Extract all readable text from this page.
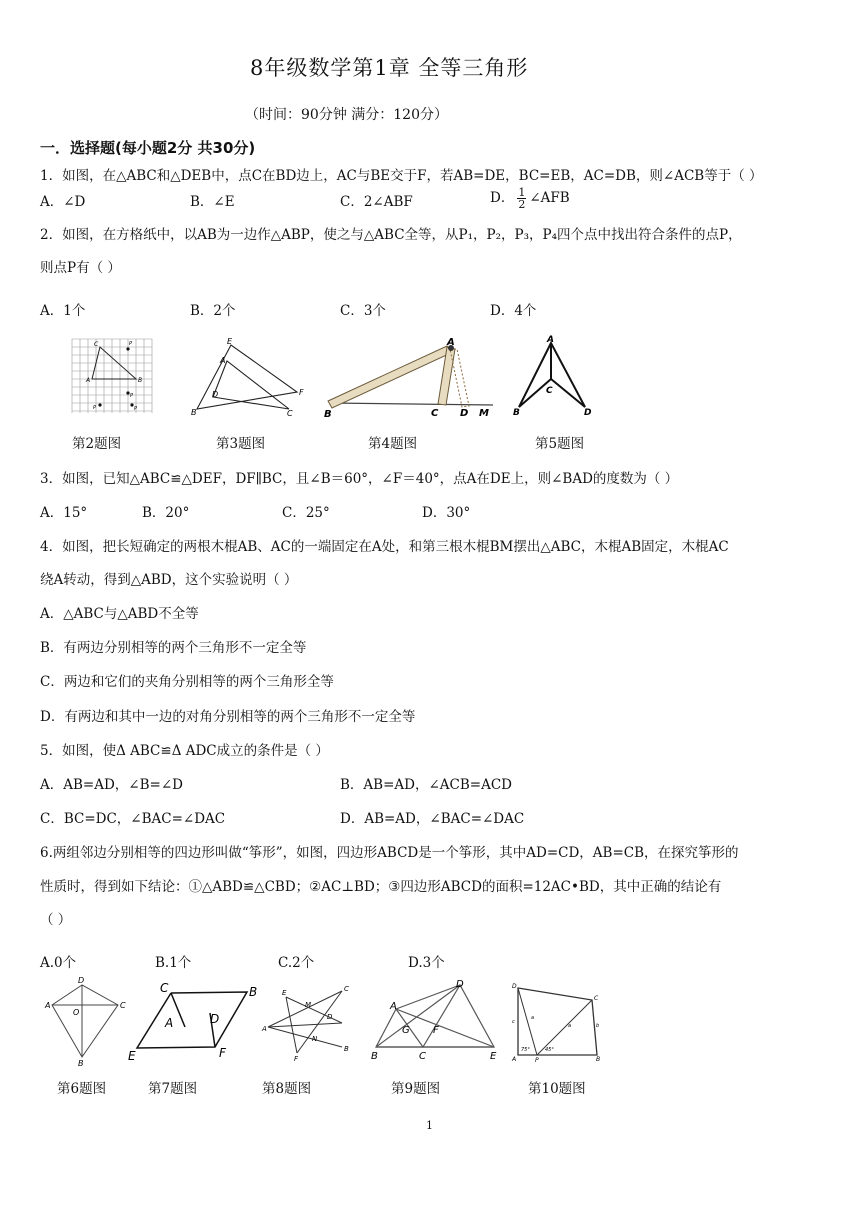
8年级数学第1章 全等三角形
（时间：90分钟 满分：120分）
一．选择题(每小题2分 共30分)
1．如图，在△ABC和△DEB中，点C在BD边上，AC与BE交于F，若AB=DE，BC=EB，AC=DB，则∠ACB等于（ ）
A．∠D	B．∠E	C．2∠ABF	D． $\frac{1}{2}$ ∠AFB
2．如图，在方格纸中，以AB为一边作△ABP，使之与△ABC全等，从P₁，P₂，P₃，P₄四个点中找出符合条件的点P，
则点P有（ ）
A．1个	B．2个	C．3个	D．4个
C
A	B
P
P
P
P
E
A
D	F
B	C
A
B	C D M
A
C
B	D
第2题图	第3题图	第4题图	第5题图
3．如图，已知△ABC≌△DEF，DF∥BC，且∠B＝60°，∠F＝40°，点A在DE上，则∠BAD的度数为（ ）
A．15°	B．20°	C．25°	D．30°
4．如图，把长短确定的两根木棍AB、AC的一端固定在A处，和第三根木棍BM摆出△ABC，木棍AB固定，木棍AC
绕A转动，得到△ABD，这个实验说明（ ）
A．△ABC与△ABD不全等
B．有两边分别相等的两个三角形不一定全等
C．两边和它们的夹角分别相等的两个三角形全等
D．有两边和其中一边的对角分别相等的两个三角形不一定全等
5．如图，使Δ ABC≌Δ ADC成立的条件是（ ）
A．AB=AD，∠B=∠D	B．AB=AD，∠ACB=ACD
C．BC=DC，∠BAC=∠DAC	D．AB=AD，∠BAC=∠DAC
6.两组邻边分别相等的四边形叫做“筝形”，如图，四边形ABCD是一个筝形，其中AD=CD，AB=CB，在探究筝形的
性质时，得到如下结论：①△ABD≌△CBD；②AC⊥BD；③四边形ABCD的面积=12AC•BD，其中正确的结论有
（ ）
A.0个	B.1个	C.2个	D.3个
D
A	C
O
B
C	B
A	D
E	F
E	C
M
D
A
N
F
B
A
D
G F
B	C	E
D
C
A	P	B
c
a
a	b
75°	45°
第6题图	第7题图	第8题图	第9题图	第10题图
1
